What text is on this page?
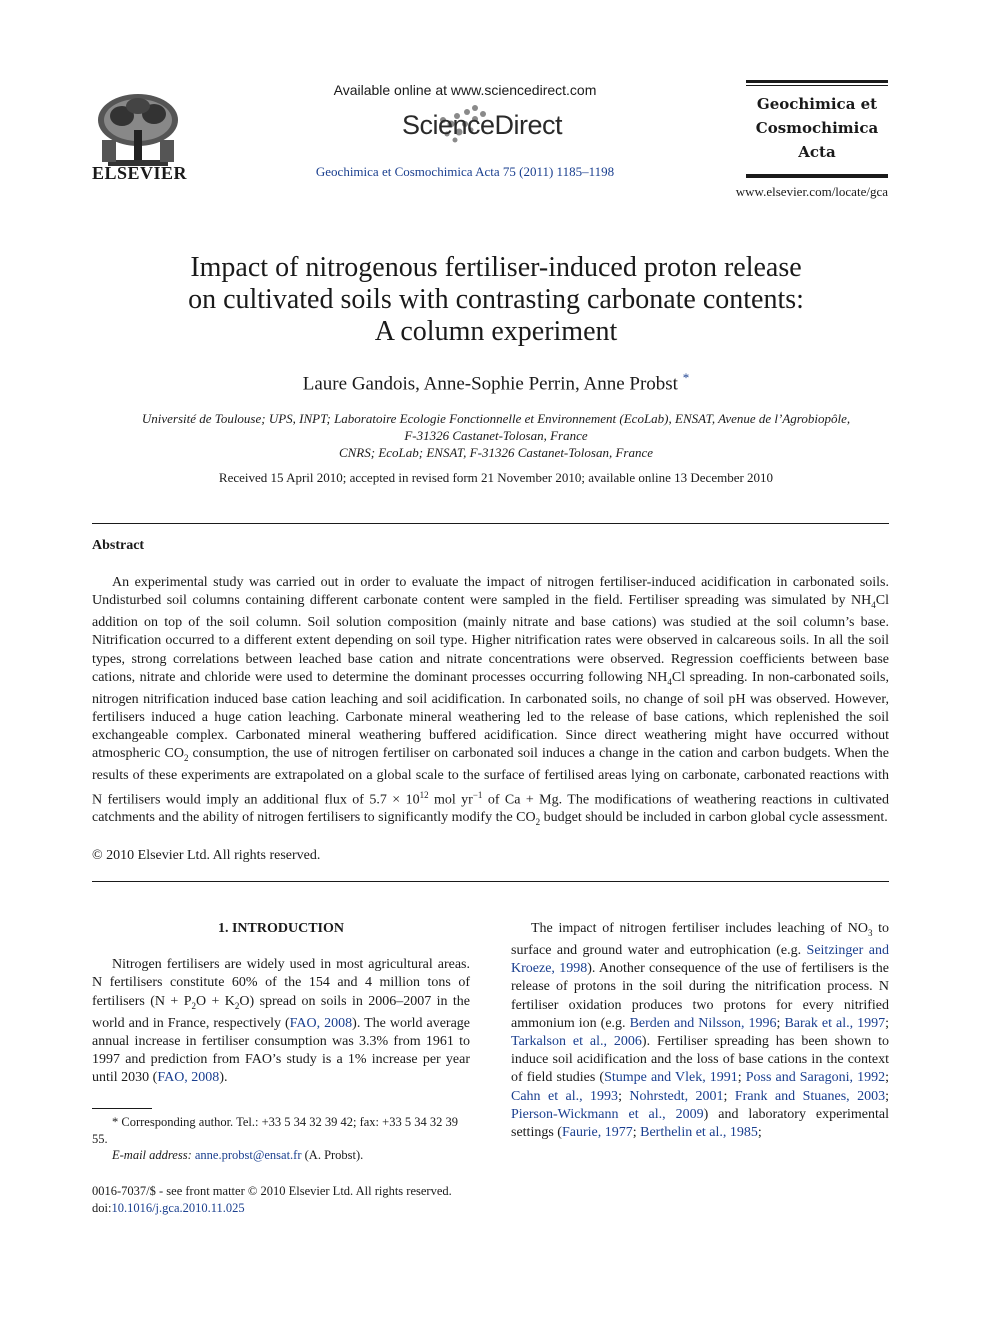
ELSEVIER
Available online at www.sciencedirect.com
ScienceDirect
Geochimica et Cosmochimica Acta 75 (2011) 1185–1198
Geochimica et
Cosmochimica
Acta
www.elsevier.com/locate/gca
Impact of nitrogenous fertiliser-induced proton release
on cultivated soils with contrasting carbonate contents:
A column experiment
Laure Gandois, Anne-Sophie Perrin, Anne Probst *
Université de Toulouse; UPS, INPT; Laboratoire Ecologie Fonctionnelle et Environnement (EcoLab), ENSAT, Avenue de l’Agrobiopôle,
F-31326 Castanet-Tolosan, France
CNRS; EcoLab; ENSAT, F-31326 Castanet-Tolosan, France
Received 15 April 2010; accepted in revised form 21 November 2010; available online 13 December 2010
Abstract

An experimental study was carried out in order to evaluate the impact of nitrogen fertiliser-induced acidification in carbonated soils. Undisturbed soil columns containing different carbonate content were sampled in the field. Fertiliser spreading was simulated by $NH_4Cl$ addition on top of the soil column. Soil solution composition (mainly nitrate and base cations) was studied at the soil column’s base. Nitrification occurred to a different extent depending on soil type. Higher nitrification rates were observed in calcareous soils. In all the soil types, strong correlations between leached base cation and nitrate concentrations were observed. Regression coefficients between base cations, nitrate and chloride were used to determine the dominant processes occurring following $NH_4Cl$ spreading. In non-carbonated soils, nitrogen nitrification induced base cation leaching and soil acidification. In carbonated soils, no change of soil pH was observed. However, fertilisers induced a huge cation leaching. Carbonate mineral weathering led to the release of base cations, which replenished the soil exchangeable complex. Carbonated mineral weathering buffered acidification. Since direct weathering might have occurred without atmospheric $CO_2$ consumption, the use of nitrogen fertiliser on carbonated soil induces a change in the cation and carbon budgets. When the results of these experiments are extrapolated on a global scale to the surface of fertilised areas lying on carbonate, carbonated reactions with N fertilisers would imply an additional flux of $5.7 \times 10^{12}$ mol $yr^{-1}$ of Ca + Mg. The modifications of weathering reactions in cultivated catchments and the ability of nitrogen fertilisers to significantly modify the $CO_2$ budget should be included in carbon global cycle assessment.

© 2010 Elsevier Ltd. All rights reserved.
1. INTRODUCTION

Nitrogen fertilisers are widely used in most agricultural areas. N fertilisers constitute 60% of the 154 and 4 million tons of fertilisers $(N + P_2O + K_2O)$ spread on soils in 2006–2007 in the world and in France, respectively (FAO, 2008). The world average annual increase in fertiliser consumption was 3.3% from 1961 to 1997 and prediction from FAO’s study is a 1% increase per year until 2030 (FAO, 2008).

* Corresponding author. Tel.: +33 5 34 32 39 42; fax: +33 5 34 32 39 55.

E-mail address: anne.probst@ensat.fr (A. Probst).

0016-7037/$ - see front matter © 2010 Elsevier Ltd. All rights reserved.
doi:10.1016/j.gca.2010.11.025

The impact of nitrogen fertiliser includes leaching of $NO_3$ to surface and ground water and eutrophication (e.g. Seitzinger and Kroeze, 1998). Another consequence of the use of fertilisers is the release of protons in the soil during the nitrification process. N fertiliser oxidation produces two protons for every nitrified ammonium ion (e.g. Berden and Nilsson, 1996; Barak et al., 1997; Tarkalson et al., 2006). Fertiliser spreading has been shown to induce soil acidification and the loss of base cations in the context of field studies (Stumpe and Vlek, 1991; Poss and Saragoni, 1992; Cahn et al., 1993; Nohrstedt, 2001; Frank and Stuanes, 2003; Pierson-Wickmann et al., 2009) and laboratory experimental settings (Faurie, 1977; Berthelin et al., 1985;
